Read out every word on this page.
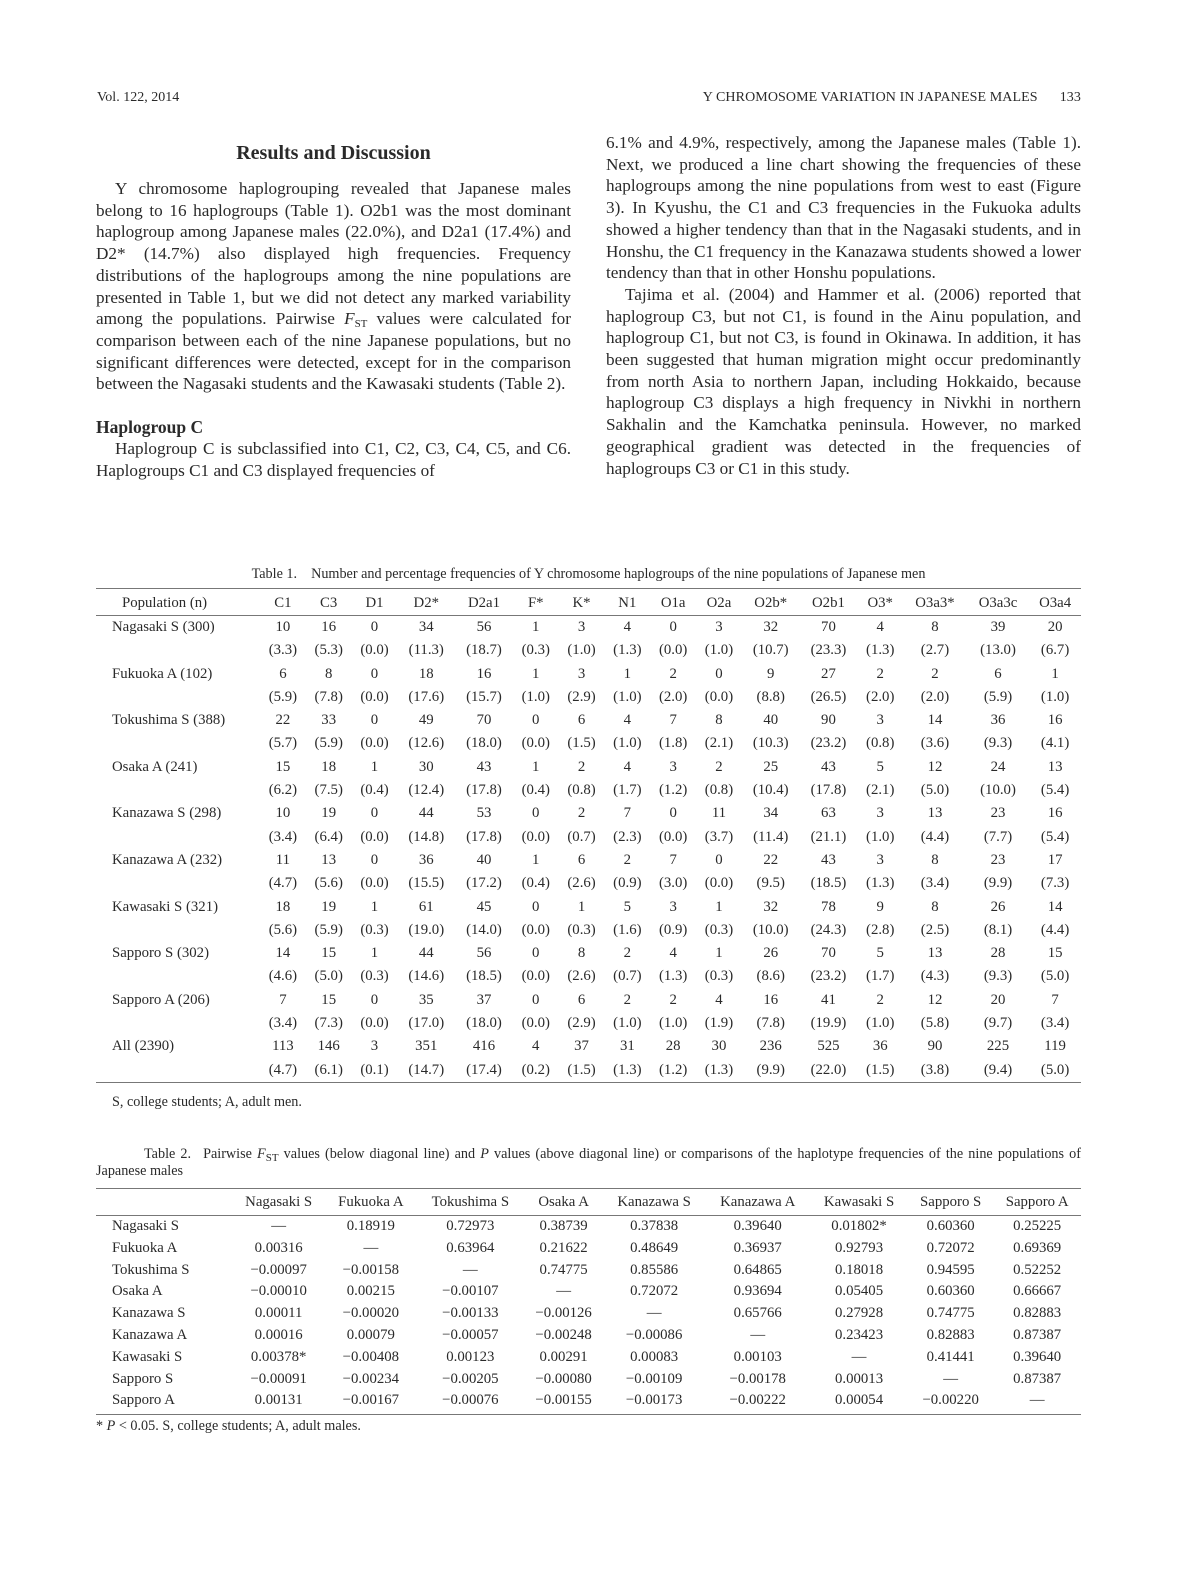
Vol. 122, 2014	Y CHROMOSOME VARIATION IN JAPANESE MALES 133
Results and Discussion

Y chromosome haplogrouping revealed that Japanese males belong to 16 haplogroups (Table 1). O2b1 was the most dominant haplogroup among Japanese males (22.0%), and D2a1 (17.4%) and D2* (14.7%) also displayed high frequencies. Frequency distributions of the haplogroups among the nine populations are presented in Table 1, but we did not detect any marked variability among the populations. Pairwise $F_{ST}$ values were calculated for comparison between each of the nine Japanese populations, but no significant differences were detected, except for in the comparison between the Nagasaki students and the Kawasaki students (Table 2).

Haplogroup C

Haplogroup C is subclassified into C1, C2, C3, C4, C5, and C6. Haplogroups C1 and C3 displayed frequencies of

6.1% and 4.9%, respectively, among the Japanese males (Table 1). Next, we produced a line chart showing the frequencies of these haplogroups among the nine populations from west to east (Figure 3). In Kyushu, the C1 and C3 frequencies in the Fukuoka adults showed a higher tendency than that in the Nagasaki students, and in Honshu, the C1 frequency in the Kanazawa students showed a lower tendency than that in other Honshu populations.

Tajima et al. (2004) and Hammer et al. (2006) reported that haplogroup C3, but not C1, is found in the Ainu population, and haplogroup C1, but not C3, is found in Okinawa. In addition, it has been suggested that human migration might occur predominantly from north Asia to northern Japan, including Hokkaido, because haplogroup C3 displays a high frequency in Nivkhi in northern Sakhalin and the Kamchatka peninsula. However, no marked geographical gradient was detected in the frequencies of haplogroups C3 or C1 in this study.

Table 1. Number and percentage frequencies of Y chromosome haplogroups of the nine populations of Japanese men
Population (n)	C1	C3	D1	D2*	D2a1	F*	K*	N1	O1a	O2a	O2b*	O2b1	O3*	O3a3*	O3a3c	O3a4
Nagasaki S (300)	10	16	0	34	56	1	3	4	0	3	32	70	4	8	39	20
	(3.3)	(5.3)	(0.0)	(11.3)	(18.7)	(0.3)	(1.0)	(1.3)	(0.0)	(1.0)	(10.7)	(23.3)	(1.3)	(2.7)	(13.0)	(6.7)
Fukuoka A (102)	6	8	0	18	16	1	3	1	2	0	9	27	2	2	6	1
	(5.9)	(7.8)	(0.0)	(17.6)	(15.7)	(1.0)	(2.9)	(1.0)	(2.0)	(0.0)	(8.8)	(26.5)	(2.0)	(2.0)	(5.9)	(1.0)
Tokushima S (388)	22	33	0	49	70	0	6	4	7	8	40	90	3	14	36	16
	(5.7)	(5.9)	(0.0)	(12.6)	(18.0)	(0.0)	(1.5)	(1.0)	(1.8)	(2.1)	(10.3)	(23.2)	(0.8)	(3.6)	(9.3)	(4.1)
Osaka A (241)	15	18	1	30	43	1	2	4	3	2	25	43	5	12	24	13
	(6.2)	(7.5)	(0.4)	(12.4)	(17.8)	(0.4)	(0.8)	(1.7)	(1.2)	(0.8)	(10.4)	(17.8)	(2.1)	(5.0)	(10.0)	(5.4)
Kanazawa S (298)	10	19	0	44	53	0	2	7	0	11	34	63	3	13	23	16
	(3.4)	(6.4)	(0.0)	(14.8)	(17.8)	(0.0)	(0.7)	(2.3)	(0.0)	(3.7)	(11.4)	(21.1)	(1.0)	(4.4)	(7.7)	(5.4)
Kanazawa A (232)	11	13	0	36	40	1	6	2	7	0	22	43	3	8	23	17
	(4.7)	(5.6)	(0.0)	(15.5)	(17.2)	(0.4)	(2.6)	(0.9)	(3.0)	(0.0)	(9.5)	(18.5)	(1.3)	(3.4)	(9.9)	(7.3)
Kawasaki S (321)	18	19	1	61	45	0	1	5	3	1	32	78	9	8	26	14
	(5.6)	(5.9)	(0.3)	(19.0)	(14.0)	(0.0)	(0.3)	(1.6)	(0.9)	(0.3)	(10.0)	(24.3)	(2.8)	(2.5)	(8.1)	(4.4)
Sapporo S (302)	14	15	1	44	56	0	8	2	4	1	26	70	5	13	28	15
	(4.6)	(5.0)	(0.3)	(14.6)	(18.5)	(0.0)	(2.6)	(0.7)	(1.3)	(0.3)	(8.6)	(23.2)	(1.7)	(4.3)	(9.3)	(5.0)
Sapporo A (206)	7	15	0	35	37	0	6	2	2	4	16	41	2	12	20	7
	(3.4)	(7.3)	(0.0)	(17.0)	(18.0)	(0.0)	(2.9)	(1.0)	(1.0)	(1.9)	(7.8)	(19.9)	(1.0)	(5.8)	(9.7)	(3.4)
All (2390)	113	146	3	351	416	4	37	31	28	30	236	525	36	90	225	119
	(4.7)	(6.1)	(0.1)	(14.7)	(17.4)	(0.2)	(1.5)	(1.3)	(1.2)	(1.3)	(9.9)	(22.0)	(1.5)	(3.8)	(9.4)	(5.0)
S, college students; A, adult men.
Table 2. Pairwise $F_{ST}$ values (below diagonal line) and P values (above diagonal line) or comparisons of the haplotype frequencies of the nine populations of Japanese males
	Nagasaki S	Fukuoka A	Tokushima S	Osaka A	Kanazawa S	Kanazawa A	Kawasaki S	Sapporo S	Sapporo A
Nagasaki S	—	0.18919	0.72973	0.38739	0.37838	0.39640	0.01802*	0.60360	0.25225
Fukuoka A	0.00316	—	0.63964	0.21622	0.48649	0.36937	0.92793	0.72072	0.69369
Tokushima S	−0.00097	−0.00158	—	0.74775	0.85586	0.64865	0.18018	0.94595	0.52252
Osaka A	−0.00010	0.00215	−0.00107	—	0.72072	0.93694	0.05405	0.60360	0.66667
Kanazawa S	0.00011	−0.00020	−0.00133	−0.00126	—	0.65766	0.27928	0.74775	0.82883
Kanazawa A	0.00016	0.00079	−0.00057	−0.00248	−0.00086	—	0.23423	0.82883	0.87387
Kawasaki S	0.00378*	−0.00408	0.00123	0.00291	0.00083	0.00103	—	0.41441	0.39640
Sapporo S	−0.00091	−0.00234	−0.00205	−0.00080	−0.00109	−0.00178	0.00013	—	0.87387
Sapporo A	0.00131	−0.00167	−0.00076	−0.00155	−0.00173	−0.00222	0.00054	−0.00220	—
* P < 0.05. S, college students; A, adult males.
